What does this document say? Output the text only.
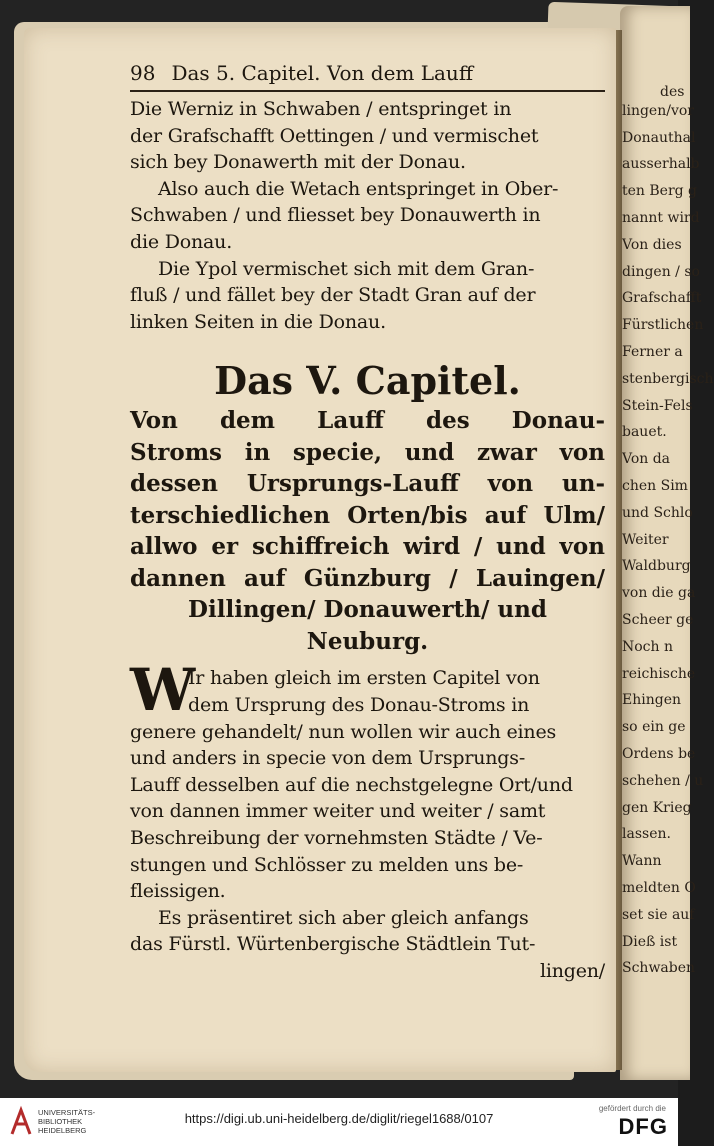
des
lingen/vor
Donauthal
ausserhalb
ten Berg g
nannt wird
Von dies
dingen / so
Grafschafft
Fürstlichen
Ferner a
stenbergisch
Stein-Fels
bauet.
Von da
chen Sim
und Schlo
Weiter
Waldburg
von die ga
Scheer ge
Noch n
reichische
Ehingen
so ein ge
Ordens be
schehen / u
gen Krieg
lassen.
Wann
meldten O
set sie auf
Dieß ist
Schwaben
98 Das 5. Capitel. Von dem Lauff
Die Werniz in Schwaben / entspringet in
der Grafschafft Oettingen / und vermischet
sich bey Donawerth mit der Donau.
Also auch die Wetach entspringet in Ober-
Schwaben / und fliesset bey Donauwerth in
die Donau.
Die Ypol vermischet sich mit dem Gran-
fluß / und fället bey der Stadt Gran auf der
linken Seiten in die Donau.
Das V. Capitel.
Von dem Lauff des Donau-
Stroms in specie, und zwar von
dessen Ursprungs-Lauff von un-
terschiedlichen Orten/bis auf Ulm/
allwo er schiffreich wird / und von
dannen auf Günzburg / Lauingen/
Dillingen/ Donauwerth/ und
Neuburg.
W
Ir haben gleich im ersten Capitel von
dem Ursprung des Donau-Stroms in
genere gehandelt/ nun wollen wir auch eines
und anders in specie von dem Ursprungs-
Lauff desselben auf die nechstgelegne Ort/und
von dannen immer weiter und weiter / samt
Beschreibung der vornehmsten Städte / Ve-
stungen und Schlösser zu melden uns be-
fleissigen.
Es präsentiret sich aber gleich anfangs
das Fürstl. Würtenbergische Städtlein Tut-
lingen/
UNIVERSITÄTS-
BIBLIOTHEK
HEIDELBERG
https://digi.ub.uni-heidelberg.de/diglit/riegel1688/0107
gefördert durch die
DFG
